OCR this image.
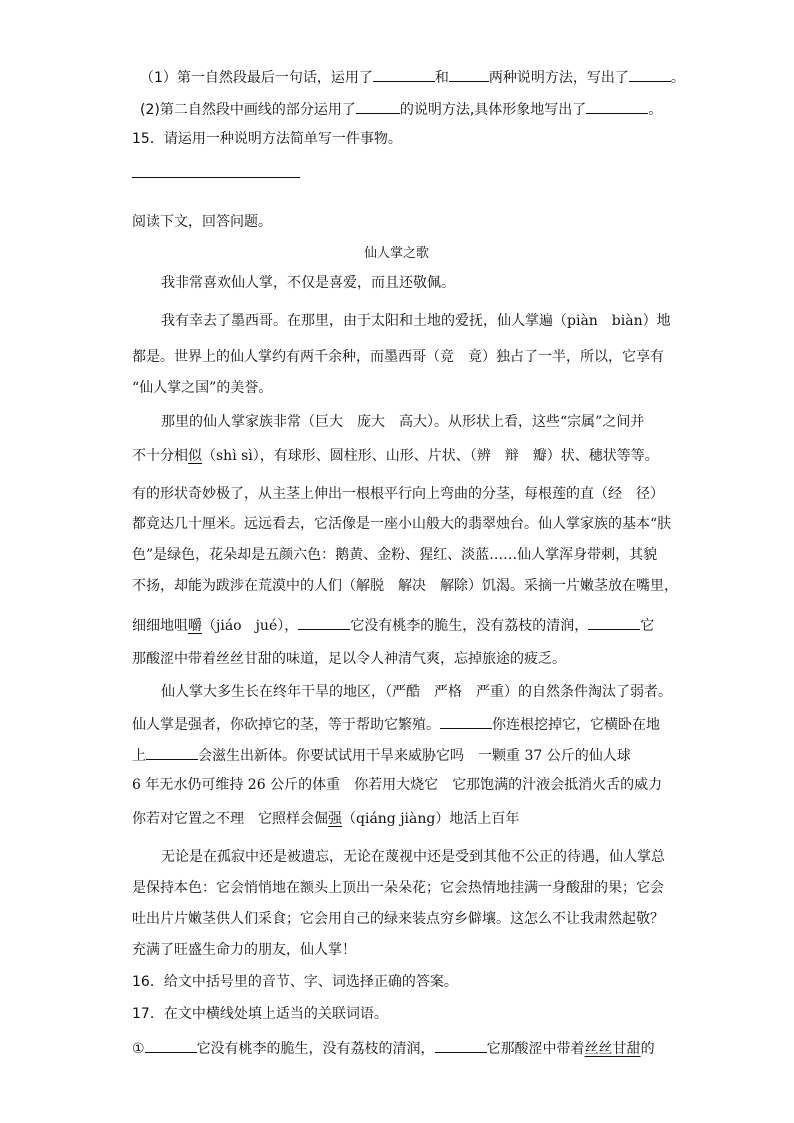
（1）第一自然段最后一句话，运用了	和	两种说明方法，写出了	。
(2)第二自然段中画线的部分运用了	的说明方法,具体形象地写出了	。
15．请运用一种说明方法简单写一件事物。
阅读下文，回答问题。
仙人掌之歌
我非常喜欢仙人掌，不仅是喜爱，而且还敬佩。
我有幸去了墨西哥。在那里，由于太阳和土地的爱抚，仙人掌遍（piàn　biàn）地
都是。世界上的仙人掌约有两千余种，而墨西哥（竞　竟）独占了一半，所以，它享有
“仙人掌之国”的美誉。
那里的仙人掌家族非常（巨大　庞大　高大）。从形状上看，这些“宗属”之间并
不十分相似（shì sì），有球形、圆柱形、山形、片状、（辨　辩　瓣）状、穗状等等。
有的形状奇妙极了，从主茎上伸出一根根平行向上弯曲的分茎，每根莲的直（经　径）
都竟达几十厘米。远远看去，它活像是一座小山般大的翡翠烛台。仙人掌家族的基本“肤
色”是绿色，花朵却是五颜六色：鹅黄、金粉、猩红、淡蓝……仙人掌浑身带刺，其貌
不扬，却能为跋涉在荒漠中的人们（解脱　解决　解除）饥渴。采摘一片嫩茎放在嘴里，
细细地咀嚼（jiáo　jué），	它没有桃李的脆生，没有荔枝的清润，	它
那酸涩中带着丝丝甘甜的味道，足以令人神清气爽，忘掉旅途的疲乏。
仙人掌大多生长在终年干旱的地区，（严酷　严格　严重）的自然条件淘汰了弱者。
仙人掌是强者，你砍掉它的茎，等于帮助它繁殖。	你连根挖掉它，它横卧在地
上	会滋生出新体。你要试试用干旱来威胁它吗　一颗重 37 公斤的仙人球
6 年无水仍可维持 26 公斤的体重　你若用大烧它　它那饱满的汁液会抵消火舌的威力
你若对它置之不理　它照样会倔强（qiáng jiàng）地活上百年
无论是在孤寂中还是被遗忘，无论在蔑视中还是受到其他不公正的待遇，仙人掌总
是保持本色：它会悄悄地在额头上顶出一朵朵花；它会热情地挂满一身酸甜的果；它会
吐出片片嫩茎供人们采食；它会用自己的绿来装点穷乡僻壤。这怎么不让我肃然起敬？
充满了旺盛生命力的朋友，仙人掌！
16．给文中括号里的音节、字、词选择正确的答案。
17．在文中横线处填上适当的关联词语。
①	它没有桃李的脆生，没有荔枝的清润，	它那酸涩中带着丝丝甘甜的
